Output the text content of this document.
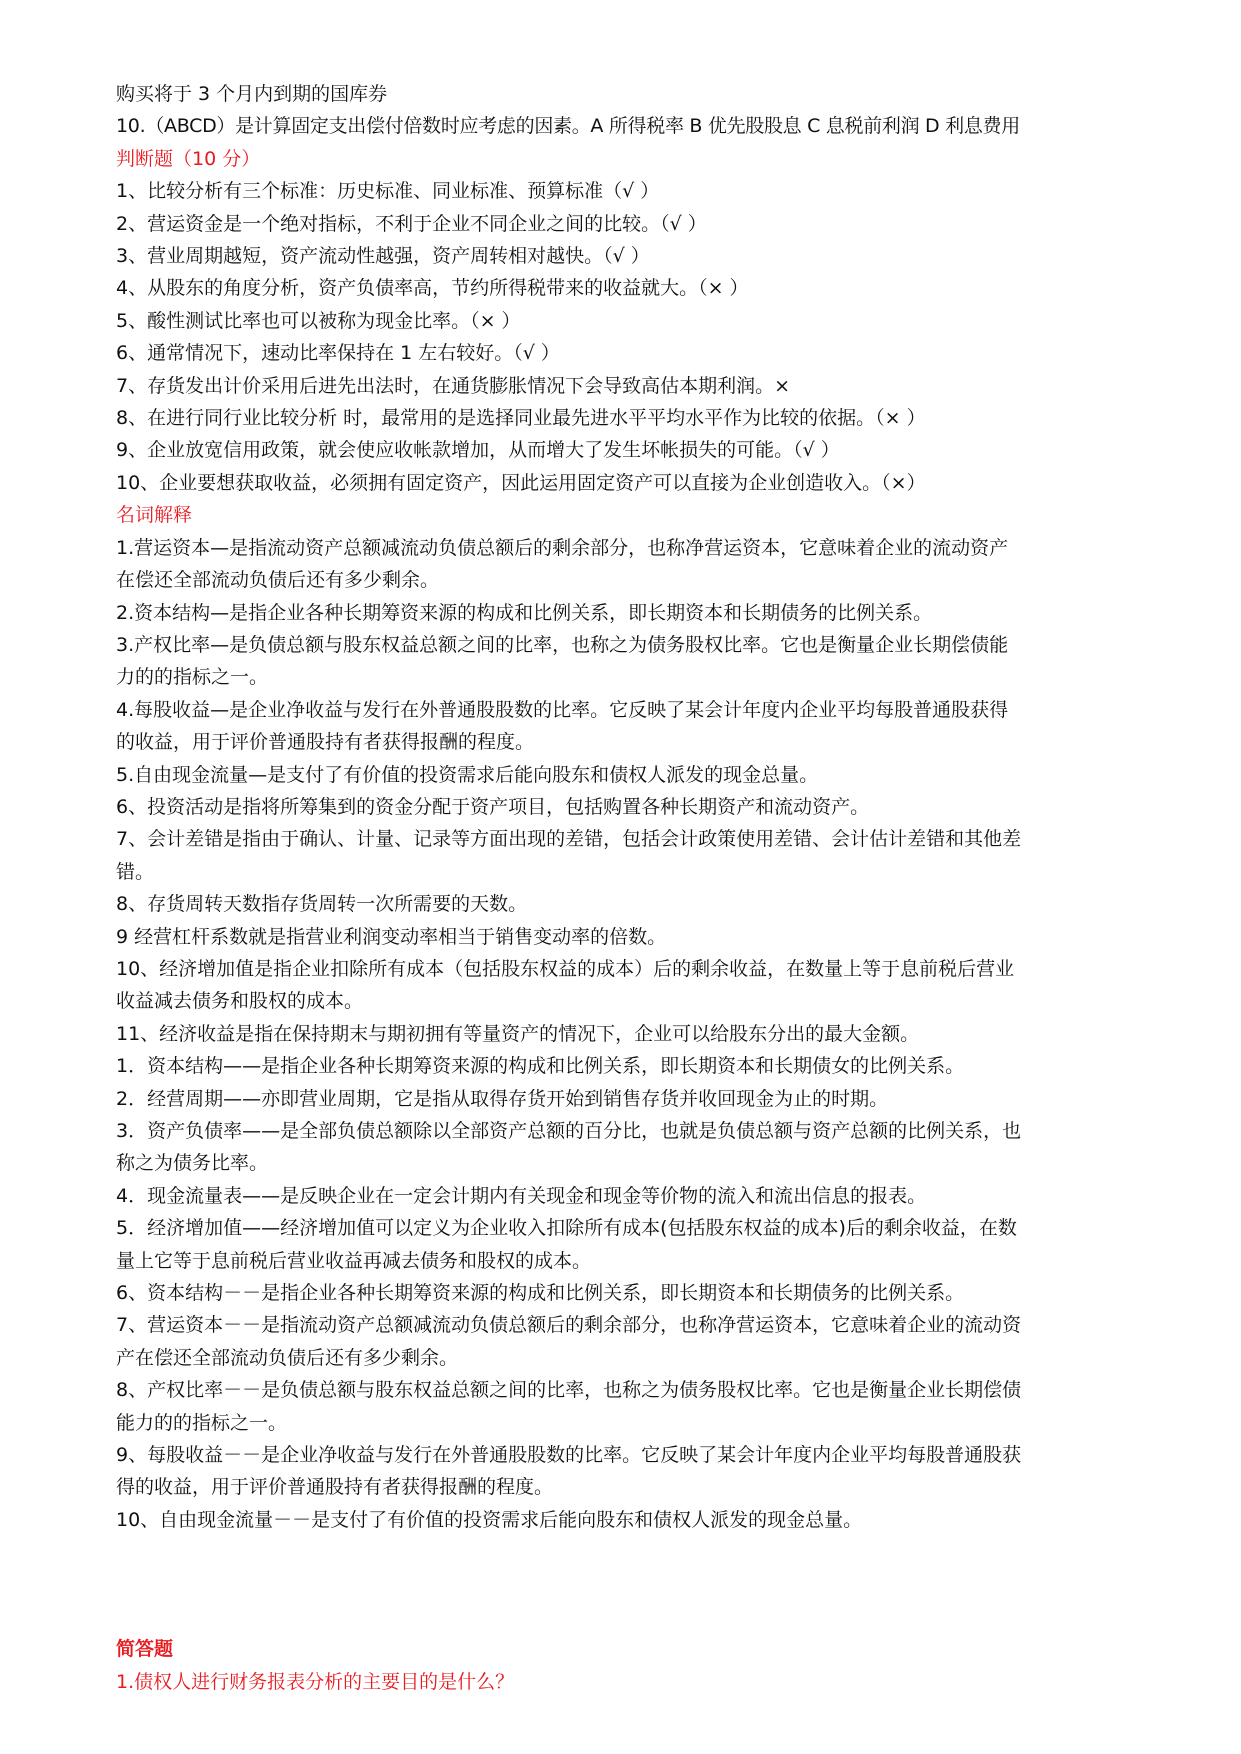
购买将于 3 个月内到期的国库券
10.（ABCD）是计算固定支出偿付倍数时应考虑的因素。A 所得税率 B 优先股股息 C 息税前利润 D 利息费用
判断题（10 分）
1、比较分析有三个标准：历史标准、同业标准、预算标准（√ ）
2、营运资金是一个绝对指标，不利于企业不同企业之间的比较。（√ ）
3、营业周期越短，资产流动性越强，资产周转相对越快。（√ ）
4、从股东的角度分析，资产负债率高，节约所得税带来的收益就大。（× ）
5、酸性测试比率也可以被称为现金比率。（× ）
6、通常情况下，速动比率保持在 1 左右较好。（√ ）
7、存货发出计价采用后进先出法时，在通货膨胀情况下会导致高估本期利润。×
8、在进行同行业比较分析 时，最常用的是选择同业最先进水平平均水平作为比较的依据。（× ）
9、企业放宽信用政策，就会使应收帐款增加，从而增大了发生坏帐损失的可能。（√ ）
10、企业要想获取收益，必须拥有固定资产，因此运用固定资产可以直接为企业创造收入。（×）
名词解释
1.营运资本—是指流动资产总额减流动负债总额后的剩余部分，也称净营运资本，它意味着企业的流动资产
在偿还全部流动负债后还有多少剩余。
2.资本结构—是指企业各种长期筹资来源的构成和比例关系，即长期资本和长期债务的比例关系。
3.产权比率—是负债总额与股东权益总额之间的比率，也称之为债务股权比率。它也是衡量企业长期偿债能
力的的指标之一。
4.每股收益—是企业净收益与发行在外普通股股数的比率。它反映了某会计年度内企业平均每股普通股获得
的收益，用于评价普通股持有者获得报酬的程度。
5.自由现金流量—是支付了有价值的投资需求后能向股东和债权人派发的现金总量。
6、投资活动是指将所筹集到的资金分配于资产项目，包括购置各种长期资产和流动资产。
7、会计差错是指由于确认、计量、记录等方面出现的差错，包括会计政策使用差错、会计估计差错和其他差
错。
8、存货周转天数指存货周转一次所需要的天数。
9 经营杠杆系数就是指营业利润变动率相当于销售变动率的倍数。
10、经济增加值是指企业扣除所有成本（包括股东权益的成本）后的剩余收益，在数量上等于息前税后营业
收益减去债务和股权的成本。
11、经济收益是指在保持期末与期初拥有等量资产的情况下，企业可以给股东分出的最大金额。
1．资本结构——是指企业各种长期筹资来源的构成和比例关系，即长期资本和长期债女的比例关系。
2．经营周期——亦即营业周期，它是指从取得存货开始到销售存货并收回现金为止的时期。
3．资产负债率——是全部负债总额除以全部资产总额的百分比，也就是负债总额与资产总额的比例关系，也
称之为债务比率。
4．现金流量表——是反映企业在一定会计期内有关现金和现金等价物的流入和流出信息的报表。
5．经济增加值——经济增加值可以定义为企业收入扣除所有成本(包括股东权益的成本)后的剩余收益，在数
量上它等于息前税后营业收益再减去债务和股权的成本。
6、资本结构－－是指企业各种长期筹资来源的构成和比例关系，即长期资本和长期债务的比例关系。
7、营运资本－－是指流动资产总额减流动负债总额后的剩余部分，也称净营运资本，它意味着企业的流动资
产在偿还全部流动负债后还有多少剩余。
8、产权比率－－是负债总额与股东权益总额之间的比率，也称之为债务股权比率。它也是衡量企业长期偿债
能力的的指标之一。
9、每股收益－－是企业净收益与发行在外普通股股数的比率。它反映了某会计年度内企业平均每股普通股获
得的收益，用于评价普通股持有者获得报酬的程度。
10、自由现金流量－－是支付了有价值的投资需求后能向股东和债权人派发的现金总量。
简答题
1.债权人进行财务报表分析的主要目的是什么？
